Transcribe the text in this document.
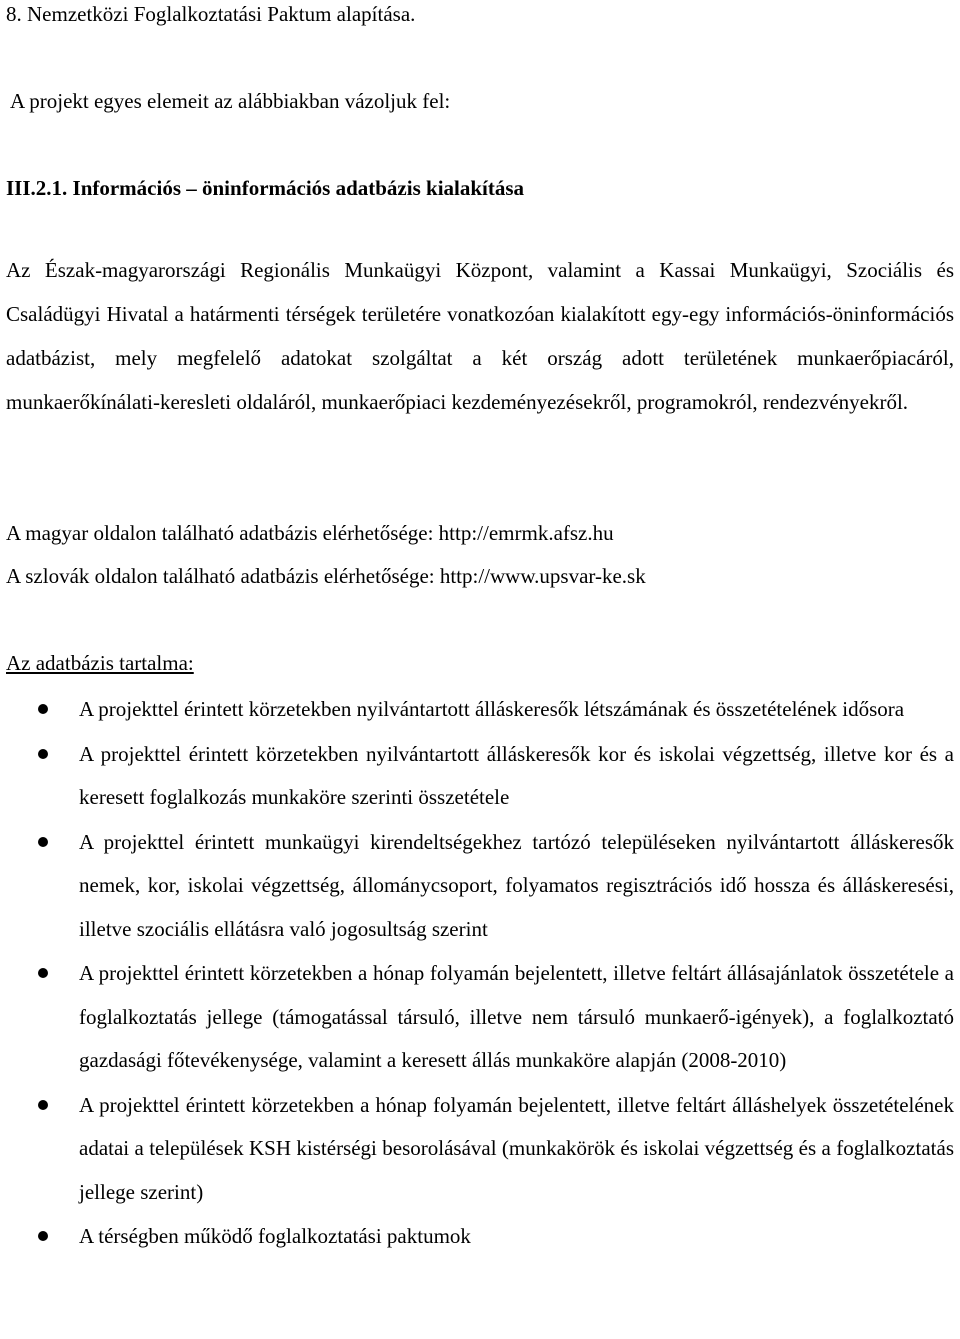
8. Nemzetközi Foglalkoztatási Paktum alapítása.
A projekt egyes elemeit az alábbiakban vázoljuk fel:
III.2.1. Információs – öninformációs adatbázis kialakítása
Az Észak-magyarországi Regionális Munkaügyi Központ, valamint a Kassai Munkaügyi, Szociális és Családügyi Hivatal a határmenti térségek területére vonatkozóan kialakított egy-egy információs-öninformációs adatbázist, mely megfelelő adatokat szolgáltat a két ország adott területének munkaerőpiacáról, munkaerőkínálati-keresleti oldaláról, munkaerőpiaci kezdeményezésekről, programokról, rendezvényekről.
A magyar oldalon található adatbázis elérhetősége: http://emrmk.afsz.hu
A szlovák oldalon található adatbázis elérhetősége: http://www.upsvar-ke.sk
Az adatbázis tartalma:
A projekttel érintett körzetekben nyilvántartott álláskeresők létszámának és összetételének idősora
A projekttel érintett körzetekben nyilvántartott álláskeresők kor és iskolai végzettség, illetve kor és a keresett foglalkozás munkaköre szerinti összetétele
A projekttel érintett munkaügyi kirendeltségekhez tartózó településeken nyilvántartott álláskeresők nemek, kor, iskolai végzettség, állománycsoport, folyamatos regisztrációs idő hossza és álláskeresési, illetve szociális ellátásra való jogosultság szerint
A projekttel érintett körzetekben a hónap folyamán bejelentett, illetve feltárt állásajánlatok összetétele a foglalkoztatás jellege (támogatással társuló, illetve nem társuló munkaerő-igények), a foglalkoztató gazdasági főtevékenysége, valamint a keresett állás munkaköre alapján (2008-2010)
A projekttel érintett körzetekben a hónap folyamán bejelentett, illetve feltárt álláshelyek összetételének adatai a települések KSH kistérségi besorolásával (munkakörök és iskolai végzettség és a foglalkoztatás jellege szerint)
A térségben működő foglalkoztatási paktumok
